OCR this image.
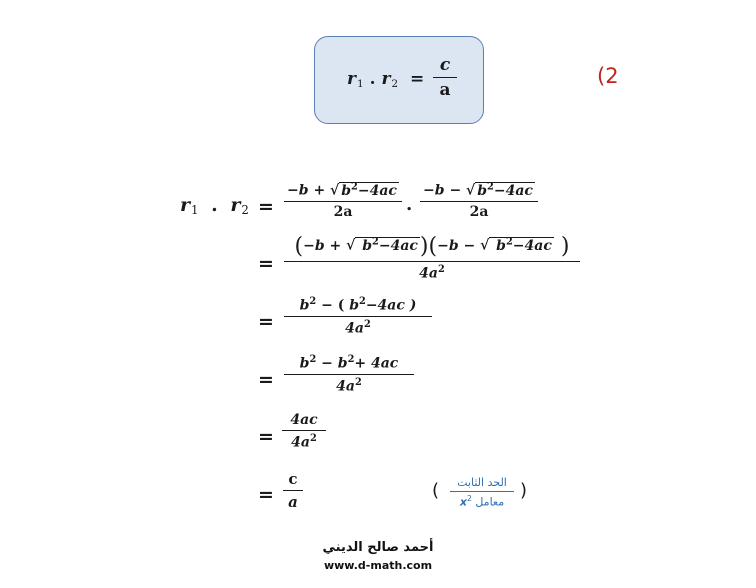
$r_1$ . $r_2$ =
c
a
(2
$r_1$ . $r_2$ =
−b + √ $b^2-4ac$
2a	.
−b − √ $b^2-4ac$
2a
=
(−b + √ $b^2-4ac)(-b$ − √ $b^2-4ac$ )
$4a^2$
=
$b^2$ − ( $b^2-4ac$ )
$4a^2$
=
$b^2 - b^2+ 4ac$
$4a^2$
=
4ac
$4a^2$
=
c
a
(	الحد الثابت
معامل $x^2$	)
أحمد صالح الديني
www.d-math.com
